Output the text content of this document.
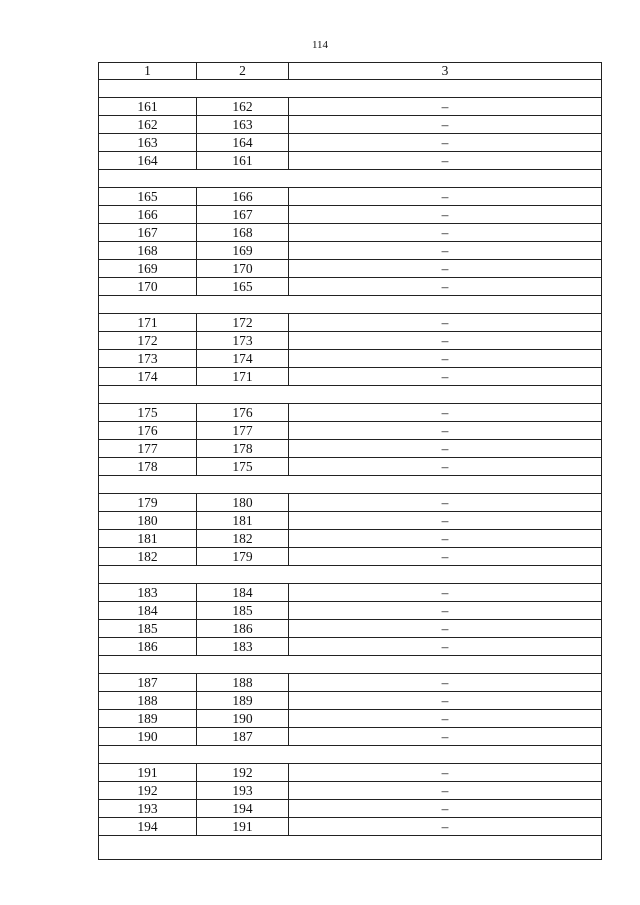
114
1	2	3

161	162	–
162	163	–
163	164	–
164	161	–

165	166	–
166	167	–
167	168	–
168	169	–
169	170	–
170	165	–

171	172	–
172	173	–
173	174	–
174	171	–

175	176	–
176	177	–
177	178	–
178	175	–

179	180	–
180	181	–
181	182	–
182	179	–

183	184	–
184	185	–
185	186	–
186	183	–

187	188	–
188	189	–
189	190	–
190	187	–

191	192	–
192	193	–
193	194	–
194	191	–
